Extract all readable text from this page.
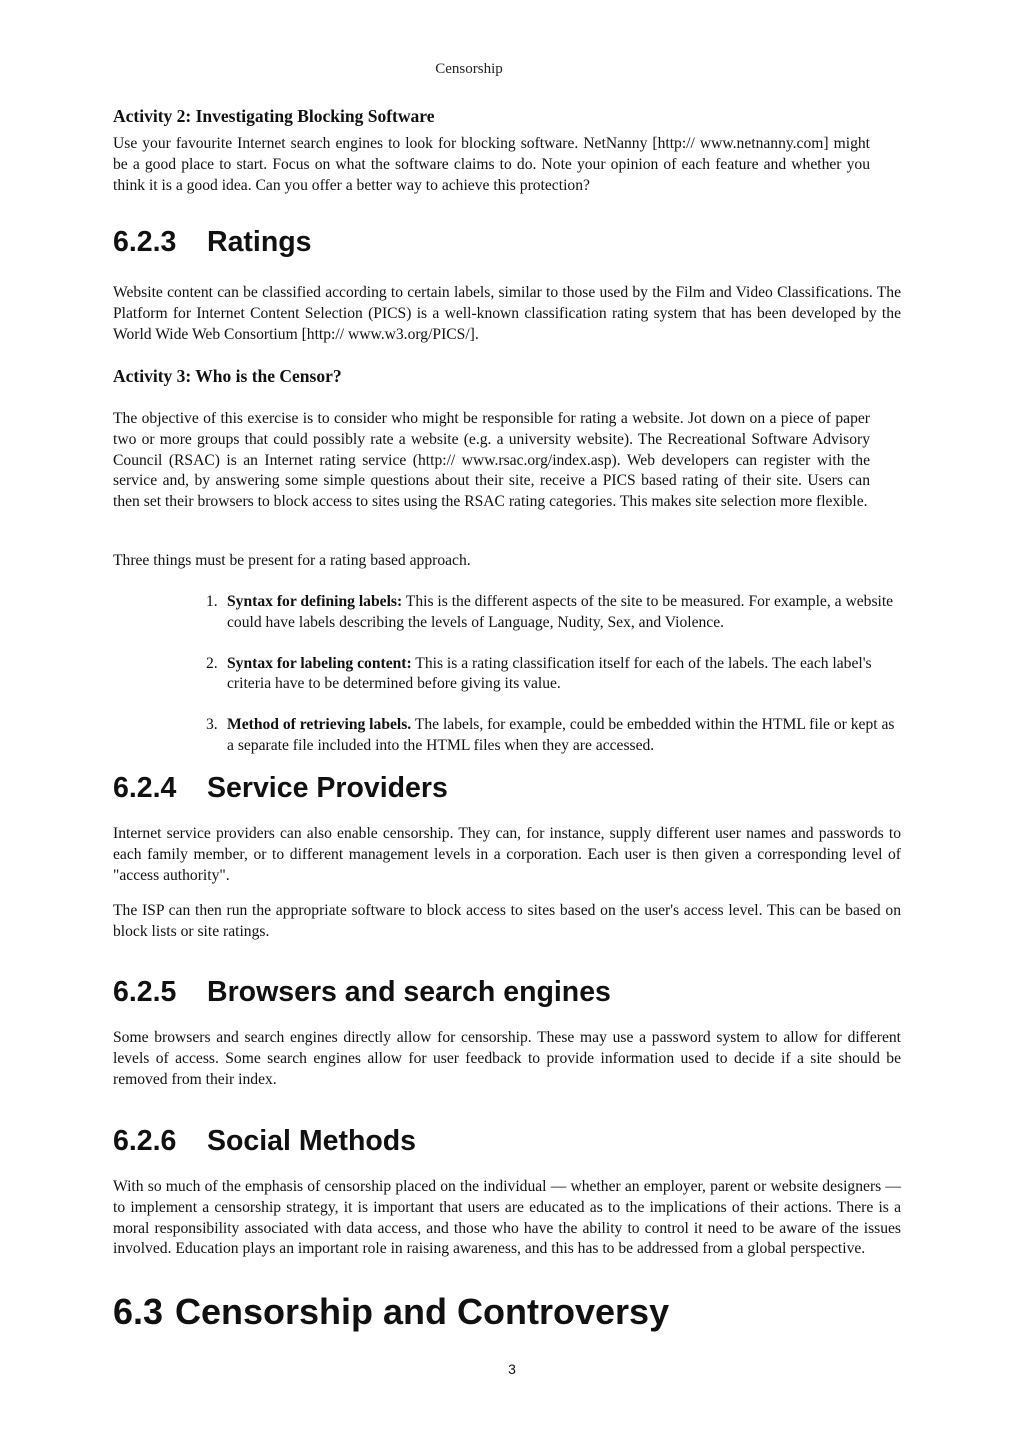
Censorship

Activity 2: Investigating Blocking Software

Use your favourite Internet search engines to look for blocking software. NetNanny [http:// www.netnanny.com] might be a good place to start. Focus on what the software claims to do. Note your opinion of each feature and whether you think it is a good idea. Can you offer a better way to achieve this protection?

6.2.3 Ratings

Website content can be classified according to certain labels, similar to those used by the Film and Video Classifications. The Platform for Internet Content Selection (PICS) is a well-known classification rating system that has been developed by the World Wide Web Consortium [http:// www.w3.org/PICS/].

Activity 3: Who is the Censor?

The objective of this exercise is to consider who might be responsible for rating a website. Jot down on a piece of paper two or more groups that could possibly rate a website (e.g. a university website). The Recreational Software Advisory Council (RSAC) is an Internet rating service (http:// www.rsac.org/index.asp). Web developers can register with the service and, by answering some simple questions about their site, receive a PICS based rating of their site. Users can then set their browsers to block access to sites using the RSAC rating categories. This makes site selection more flexible.

Three things must be present for a rating based approach.

1. Syntax for defining labels: This is the different aspects of the site to be measured. For example, a website could have labels describing the levels of Language, Nudity, Sex, and Violence.
2. Syntax for labeling content: This is a rating classification itself for each of the labels. The each label's criteria have to be determined before giving its value.
3. Method of retrieving labels. The labels, for example, could be embedded within the HTML file or kept as a separate file included into the HTML files when they are accessed.
6.2.4 Service Providers

Internet service providers can also enable censorship. They can, for instance, supply different user names and passwords to each family member, or to different management levels in a corporation. Each user is then given a corresponding level of "access authority".

The ISP can then run the appropriate software to block access to sites based on the user's access level. This can be based on block lists or site ratings.

6.2.5 Browsers and search engines

Some browsers and search engines directly allow for censorship. These may use a password system to allow for different levels of access. Some search engines allow for user feedback to provide information used to decide if a site should be removed from their index.

6.2.6 Social Methods

With so much of the emphasis of censorship placed on the individual — whether an employer, parent or website designers — to implement a censorship strategy, it is important that users are educated as to the implications of their actions. There is a moral responsibility associated with data access, and those who have the ability to control it need to be aware of the issues involved. Education plays an important role in raising awareness, and this has to be addressed from a global perspective.

6.3 Censorship and Controversy
3
